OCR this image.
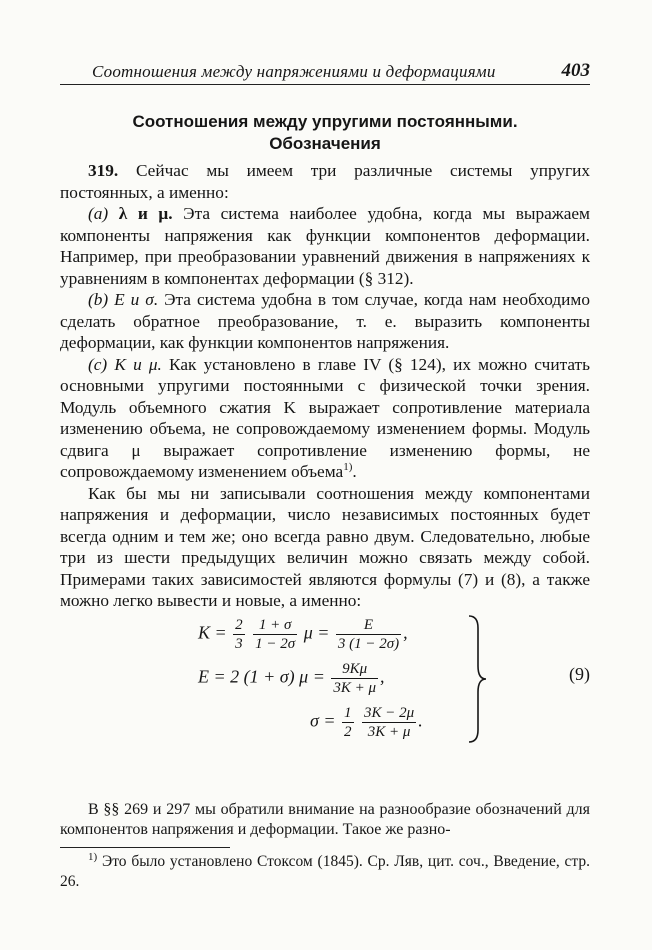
Соотношения между напряжениями и деформациями	403
Соотношения между упругими постоянными.
Обозначения

319. Сейчас мы имеем три различные системы упругих постоянных, а именно:

(a) λ и μ. Эта система наиболее удобна, когда мы выражаем компоненты напряжения как функции компонентов деформации. Например, при преобразовании уравнений движения в напряжениях к уравнениям в компонентах деформации (§ 312).

(b) E и σ. Эта система удобна в том случае, когда нам необходимо сделать обратное преобразование, т. е. выразить компоненты деформации, как функции компонентов напряжения.

(c) K и μ. Как установлено в главе IV (§ 124), их можно считать основными упругими постоянными с физической точки зрения. Модуль объемного сжатия K выражает сопротивление материала изменению объема, не сопровождаемому изменением формы. Модуль сдвига μ выражает сопротивление изменению формы, не сопровождаемому изменением объема$^{1)}$.

Как бы мы ни записывали соотношения между компонентами напряжения и деформации, число независимых постоянных будет всегда одним и тем же; оно всегда равно двум. Следовательно, любые три из шести предыдущих величин можно связать между собой. Примерами таких зависимостей являются формулы (7) и (8), а также можно легко вывести и новые, а именно:

$K = \frac{2}{3}$
$\frac{1 + \sigma}{1 - 2\sigma}$ $\mu = \frac{E}{3 (1 - 2\sigma)}$ ,
E = 2 (1 + σ) $\mu = \frac{9K\mu}{3K + \mu}$ ,
$\sigma = \frac{1}{2}$
$\frac{3K - 2\mu}{3K + \mu}$ .
(9)

В §§ 269 и 297 мы обратили внимание на разнообразие обозначений для компонентов напряжения и деформации. Такое же разно-

$^{1)}$ Это было установлено Стоксом (1845). Ср. Ляв, цит. соч., Введение, стр. 26.
